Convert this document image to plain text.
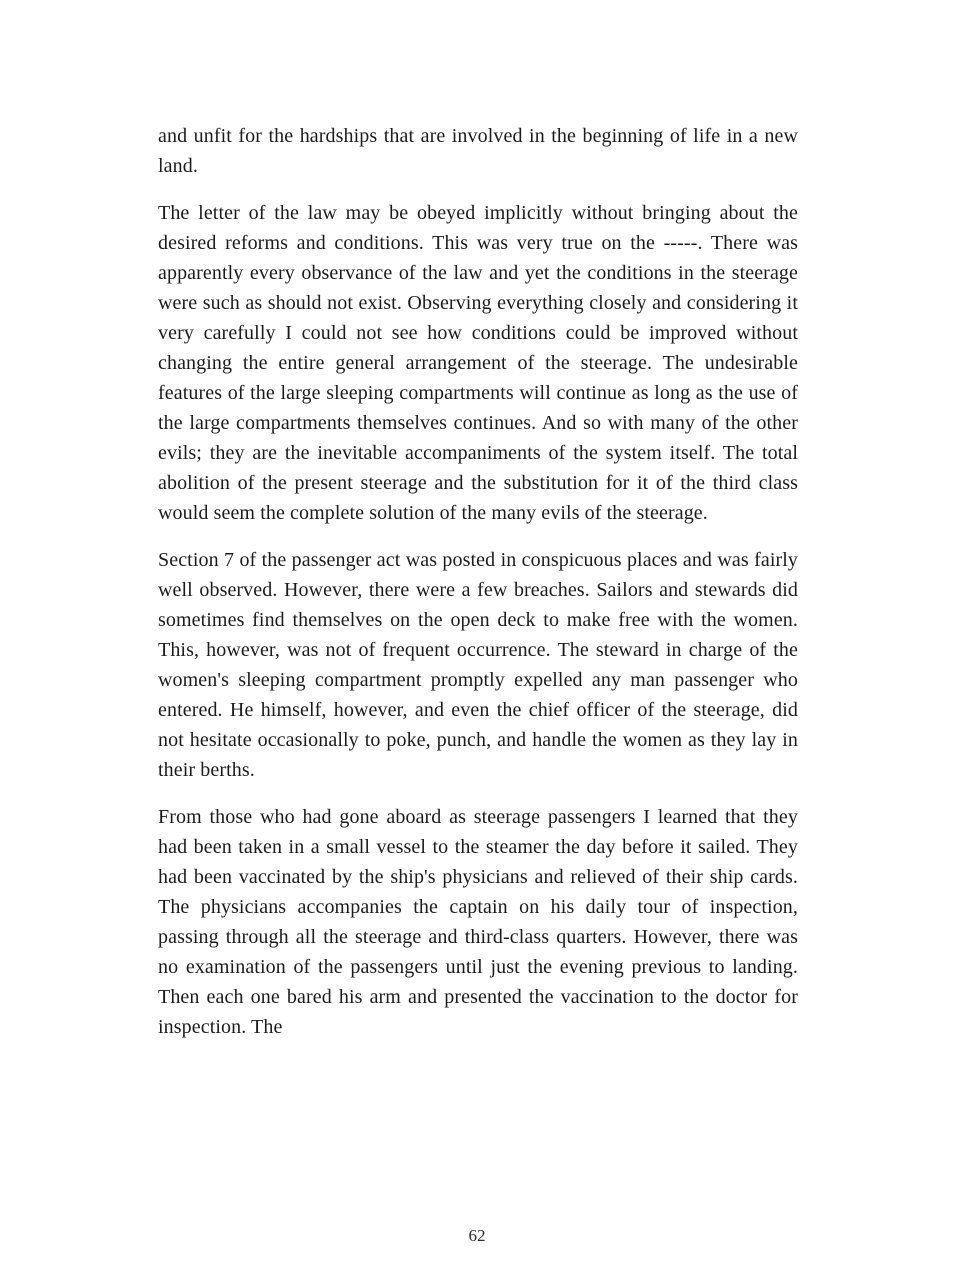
and unfit for the hardships that are involved in the beginning of life in a new land.

The letter of the law may be obeyed implicitly without bringing about the desired reforms and conditions. This was very true on the -----. There was apparently every observance of the law and yet the conditions in the steerage were such as should not exist. Observing everything closely and considering it very carefully I could not see how conditions could be improved without changing the entire general arrangement of the steerage. The undesirable features of the large sleeping compartments will continue as long as the use of the large compartments themselves continues. And so with many of the other evils; they are the inevitable accompaniments of the system itself. The total abolition of the present steerage and the substitution for it of the third class would seem the complete solution of the many evils of the steerage.

Section 7 of the passenger act was posted in conspicuous places and was fairly well observed. However, there were a few breaches. Sailors and stewards did sometimes find themselves on the open deck to make free with the women. This, however, was not of frequent occurrence. The steward in charge of the women's sleeping compartment promptly expelled any man passenger who entered. He himself, however, and even the chief officer of the steerage, did not hesitate occasionally to poke, punch, and handle the women as they lay in their berths.

From those who had gone aboard as steerage passengers I learned that they had been taken in a small vessel to the steamer the day before it sailed. They had been vaccinated by the ship's physicians and relieved of their ship cards. The physicians accompanies the captain on his daily tour of inspection, passing through all the steerage and third-class quarters. However, there was no examination of the passengers until just the evening previous to landing. Then each one bared his arm and presented the vaccination to the doctor for inspection. The

62
